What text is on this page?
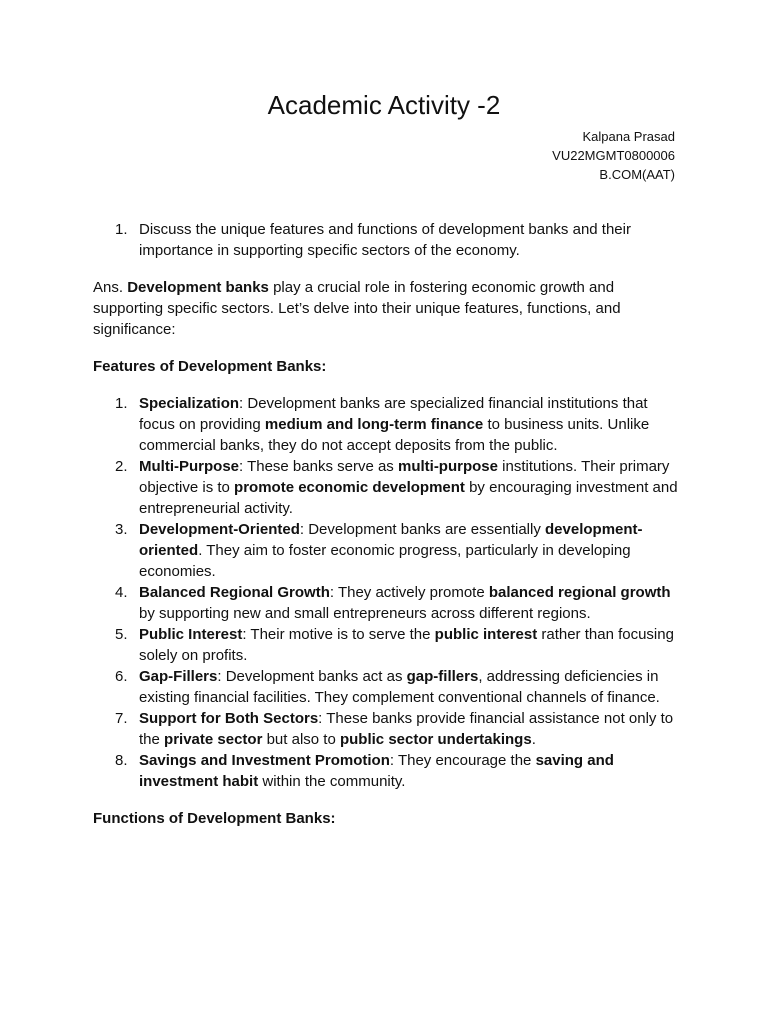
Academic Activity -2
Kalpana Prasad
VU22MGMT0800006
B.COM(AAT)
1. Discuss the unique features and functions of development banks and their importance in supporting specific sectors of the economy.

Ans. Development banks play a crucial role in fostering economic growth and supporting specific sectors. Let’s delve into their unique features, functions, and significance:

Features of Development Banks:

1. Specialization: Development banks are specialized financial institutions that focus on providing medium and long-term finance to business units. Unlike commercial banks, they do not accept deposits from the public.
2. Multi-Purpose: These banks serve as multi-purpose institutions. Their primary objective is to promote economic development by encouraging investment and entrepreneurial activity.
3. Development-Oriented: Development banks are essentially development-oriented. They aim to foster economic progress, particularly in developing economies.
4. Balanced Regional Growth: They actively promote balanced regional growth by supporting new and small entrepreneurs across different regions.
5. Public Interest: Their motive is to serve the public interest rather than focusing solely on profits.
6. Gap-Fillers: Development banks act as gap-fillers, addressing deficiencies in existing financial facilities. They complement conventional channels of finance.
7. Support for Both Sectors: These banks provide financial assistance not only to the private sector but also to public sector undertakings.
8. Savings and Investment Promotion: They encourage the saving and investment habit within the community.

Functions of Development Banks:
